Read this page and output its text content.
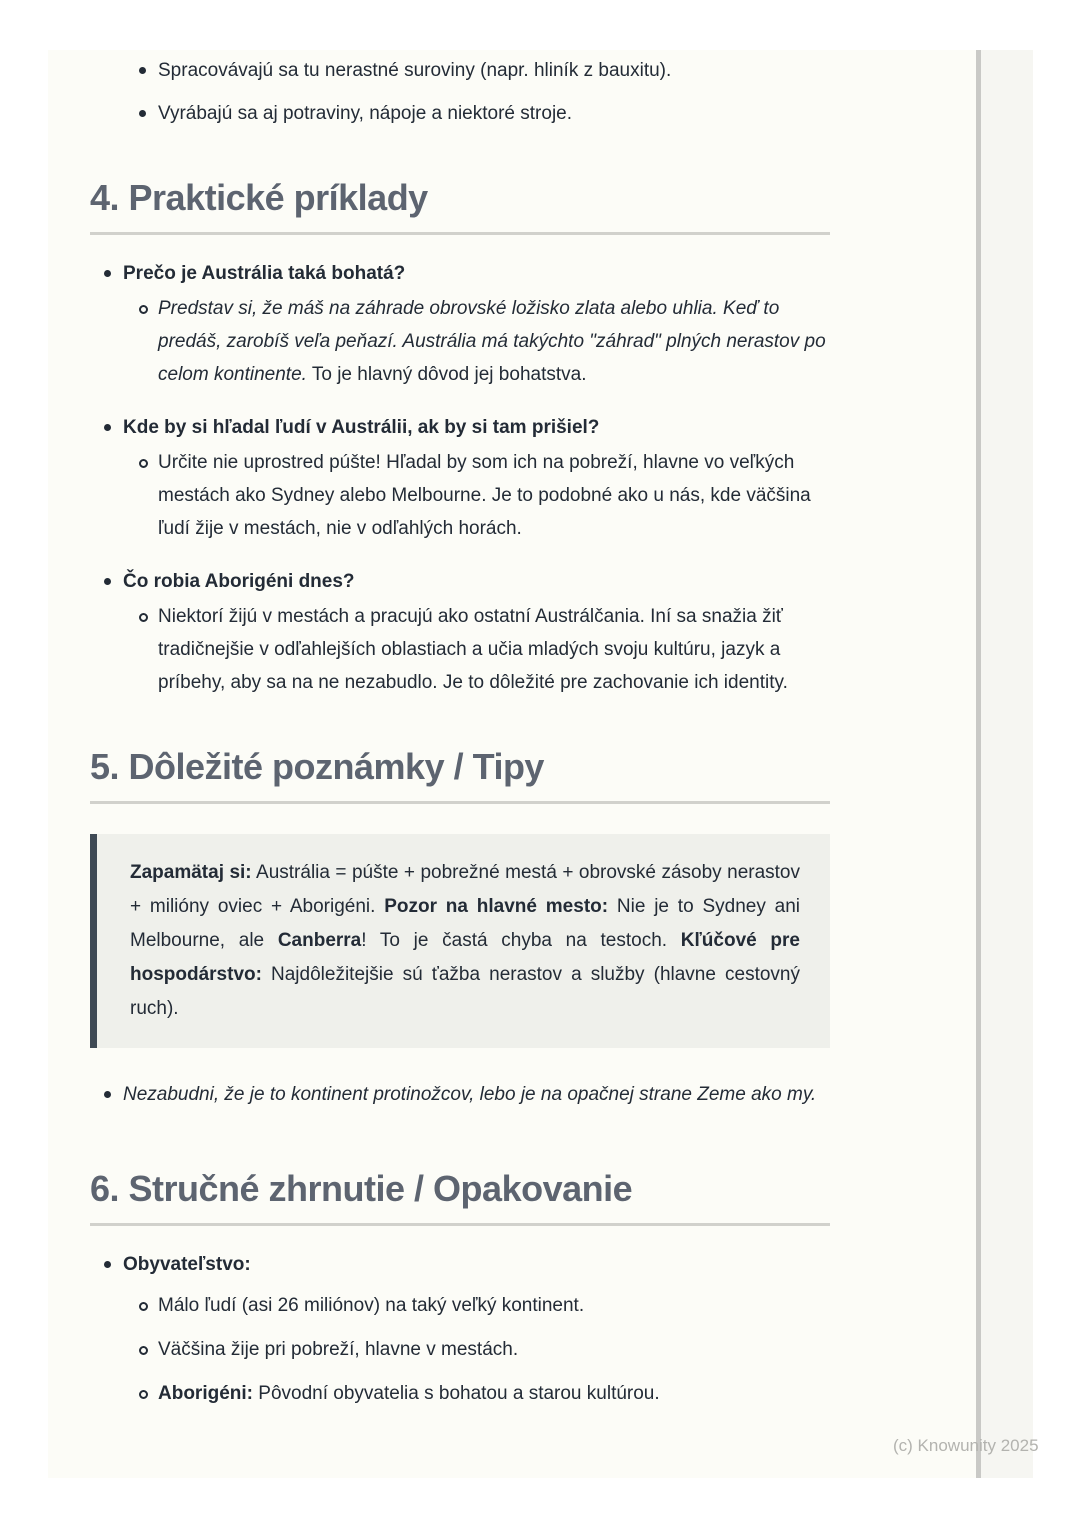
Spracovávajú sa tu nerastné suroviny (napr. hliník z bauxitu).
Vyrábajú sa aj potraviny, nápoje a niektoré stroje.
4. Praktické príklady
Prečo je Austrália taká bohatá?
Predstav si, že máš na záhrade obrovské ložisko zlata alebo uhlia. Keď to predáš, zarobíš veľa peňazí. Austrália má takýchto "záhrad" plných nerastov po celom kontinente. To je hlavný dôvod jej bohatstva.
Kde by si hľadal ľudí v Austrálii, ak by si tam prišiel?
Určite nie uprostred púšte! Hľadal by som ich na pobreží, hlavne vo veľkých mestách ako Sydney alebo Melbourne. Je to podobné ako u nás, kde väčšina ľudí žije v mestách, nie v odľahlých horách.
Čo robia Aborigéni dnes?
Niektorí žijú v mestách a pracujú ako ostatní Austrálčania. Iní sa snažia žiť tradičnejšie v odľahlejších oblastiach a učia mladých svoju kultúru, jazyk a príbehy, aby sa na ne nezabudlo. Je to dôležité pre zachovanie ich identity.
5. Dôležité poznámky / Tipy
Zapamätaj si: Austrália = púšte + pobrežné mestá + obrovské zásoby nerastov + milióny oviec + Aborigéni. Pozor na hlavné mesto: Nie je to Sydney ani Melbourne, ale Canberra! To je častá chyba na testoch. Kľúčové pre hospodárstvo: Najdôležitejšie sú ťažba nerastov a služby (hlavne cestovný ruch).
Nezabudni, že je to kontinent protinožcov, lebo je na opačnej strane Zeme ako my.
6. Stručné zhrnutie / Opakovanie
Obyvateľstvo:
Málo ľudí (asi 26 miliónov) na taký veľký kontinent.
Väčšina žije pri pobreží, hlavne v mestách.
Aborigéni: Pôvodní obyvatelia s bohatou a starou kultúrou.
(c) Knowunity 2025
